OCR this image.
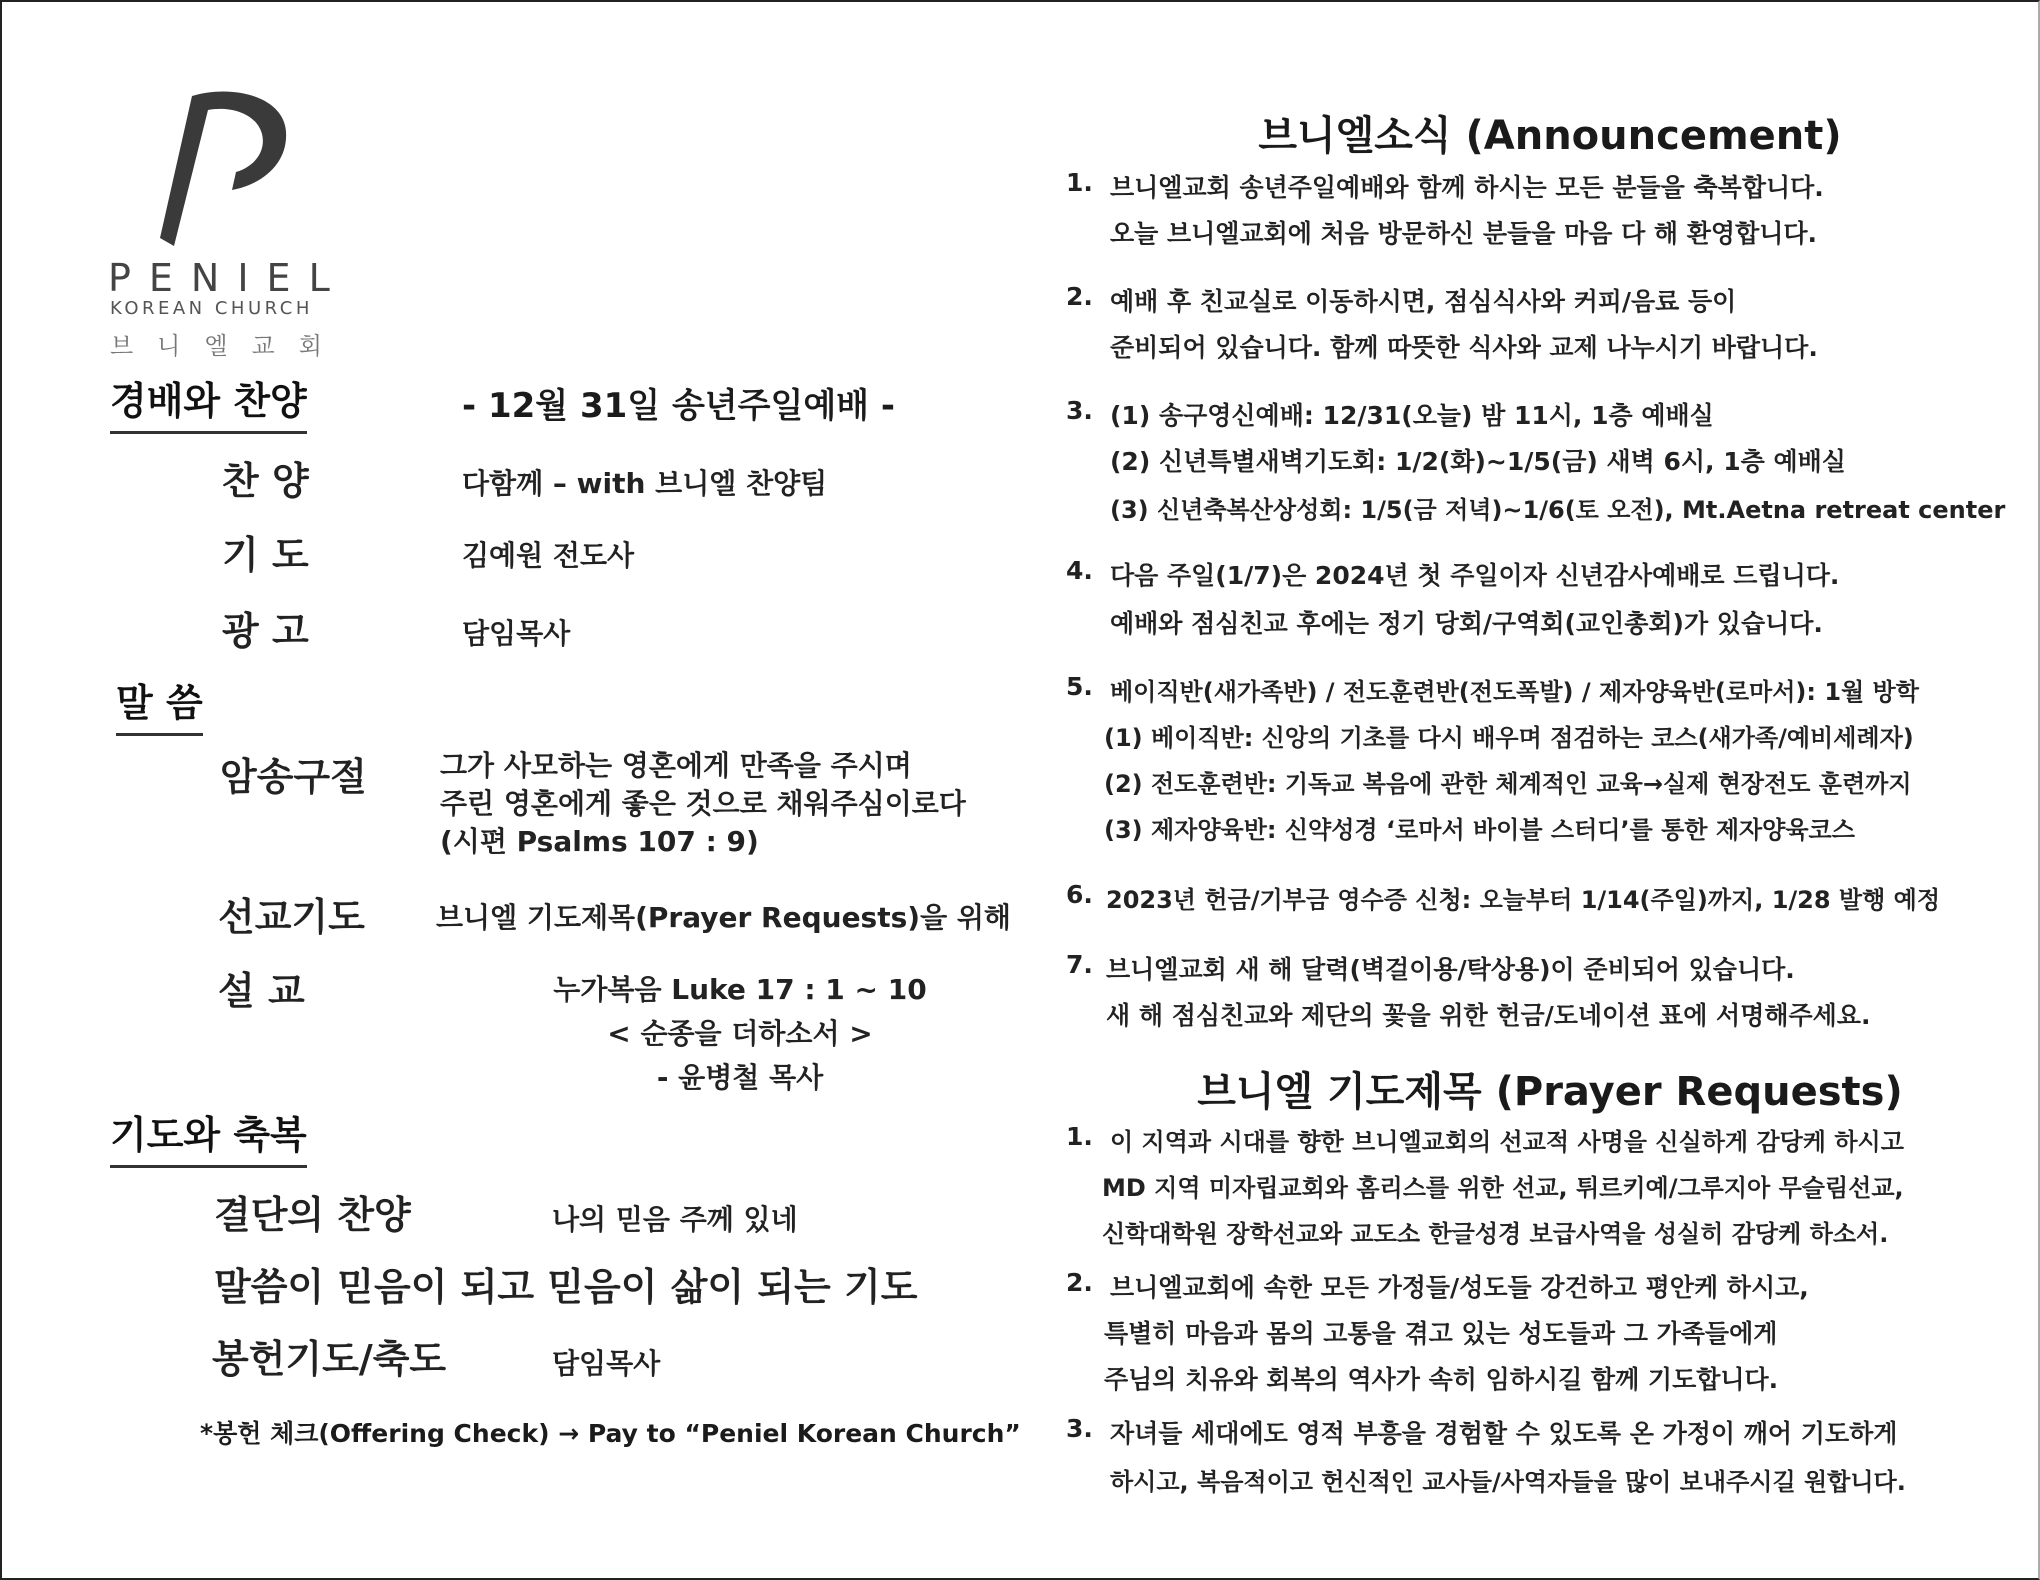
PENIEL
KOREAN CHURCH
브니엘교회
경배와 찬양	- 12월 31일 송년주일예배 -
찬 양	다함께 – with 브니엘 찬양팀
기 도	김예원 전도사
광 고	담임목사
말 씀
암송구절	그가 사모하는 영혼에게 만족을 주시며
주린 영혼에게 좋은 것으로 채워주심이로다
(시편 Psalms 107 : 9)
선교기도	브니엘 기도제목(Prayer Requests)을 위해
설 교	누가복음 Luke 17 : 1 ~ 10
< 순종을 더하소서 >
- 윤병철 목사
기도와 축복
결단의 찬양	나의 믿음 주께 있네
말씀이 믿음이 되고 믿음이 삶이 되는 기도
봉헌기도/축도	담임목사
*봉헌 체크(Offering Check) → Pay to “Peniel Korean Church”
브니엘소식 (Announcement)
1. 브니엘교회 송년주일예배와 함께 하시는 모든 분들을 축복합니다.
오늘 브니엘교회에 처음 방문하신 분들을 마음 다 해 환영합니다.
2. 예배 후 친교실로 이동하시면, 점심식사와 커피/음료 등이
준비되어 있습니다. 함께 따뜻한 식사와 교제 나누시기 바랍니다.
3. (1) 송구영신예배: 12/31(오늘) 밤 11시, 1층 예배실
(2) 신년특별새벽기도회: 1/2(화)~1/5(금) 새벽 6시, 1층 예배실
(3) 신년축복산상성회: 1/5(금 저녁)~1/6(토 오전), Mt.Aetna retreat center
4. 다음 주일(1/7)은 2024년 첫 주일이자 신년감사예배로 드립니다.
예배와 점심친교 후에는 정기 당회/구역회(교인총회)가 있습니다.
5. 베이직반(새가족반) / 전도훈련반(전도폭발) / 제자양육반(로마서): 1월 방학
(1) 베이직반: 신앙의 기초를 다시 배우며 점검하는 코스(새가족/예비세례자)
(2) 전도훈련반: 기독교 복음에 관한 체계적인 교육→실제 현장전도 훈련까지
(3) 제자양육반: 신약성경 ‘로마서 바이블 스터디’를 통한 제자양육코스
6. 2023년 헌금/기부금 영수증 신청: 오늘부터 1/14(주일)까지, 1/28 발행 예정
7. 브니엘교회 새 해 달력(벽걸이용/탁상용)이 준비되어 있습니다.
새 해 점심친교와 제단의 꽃을 위한 헌금/도네이션 표에 서명해주세요.
브니엘 기도제목 (Prayer Requests)
1. 이 지역과 시대를 향한 브니엘교회의 선교적 사명을 신실하게 감당케 하시고
MD 지역 미자립교회와 홈리스를 위한 선교, 튀르키예/그루지아 무슬림선교,
신학대학원 장학선교와 교도소 한글성경 보급사역을 성실히 감당케 하소서.
2. 브니엘교회에 속한 모든 가정들/성도들 강건하고 평안케 하시고,
특별히 마음과 몸의 고통을 겪고 있는 성도들과 그 가족들에게
주님의 치유와 회복의 역사가 속히 임하시길 함께 기도합니다.
3. 자녀들 세대에도 영적 부흥을 경험할 수 있도록 온 가정이 깨어 기도하게
하시고, 복음적이고 헌신적인 교사들/사역자들을 많이 보내주시길 원합니다.
